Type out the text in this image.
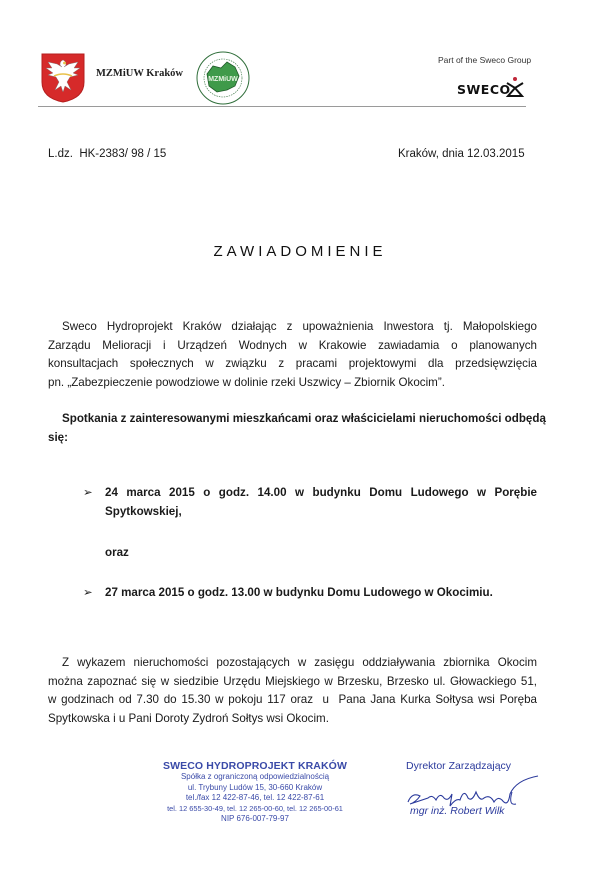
MZMiUW Kraków
MZMiUW
Part of the Sweco Group
SWECO
L.dz.  HK-2383/ 98 / 15	Kraków, dnia 12.03.2015
ZAWIADOMIENIE
Sweco Hydroprojekt Kraków działając z upoważnienia Inwestora tj. Małopolskiego
Zarządu Melioracji i Urządzeń Wodnych w Krakowie zawiadamia o planowanych
konsultacjach społecznych w związku z pracami projektowymi dla przedsięwzięcia
pn. „Zabezpieczenie powodziowe w dolinie rzeki Uszwicy – Zbiornik Okocim”.
Spotkania z zainteresowanymi mieszkańcami oraz właścicielami nieruchomości odbędą
się:
➢ 24 marca 2015 o godz. 14.00 w budynku Domu Ludowego w Porębie
Spytkowskiej,
oraz
➢ 27 marca 2015 o godz. 13.00 w budynku Domu Ludowego w Okocimiu.
Z wykazem nieruchomości pozostających w zasięgu oddziaływania zbiornika Okocim
można zapoznać się w siedzibie Urzędu Miejskiego w Brzesku, Brzesko ul. Głowackiego 51,
w godzinach od 7.30 do 15.30 w pokoju 117 oraz  u  Pana Jana Kurka Sołtysa wsi Poręba
Spytkowska i u Pani Doroty Zydroń Sołtys wsi Okocim.
SWECO HYDROPROJEKT KRAKÓW
Spółka z ograniczoną odpowiedzialnością
ul. Trybuny Ludów 15, 30-660 Kraków
tel./fax 12 422-87-46, tel. 12 422-87-61
tel. 12 655-30-49, tel. 12 265-00-60, tel. 12 265-00-61
NIP 676-007-79-97
Dyrektor Zarządzający
mgr inż. Robert Wilk
